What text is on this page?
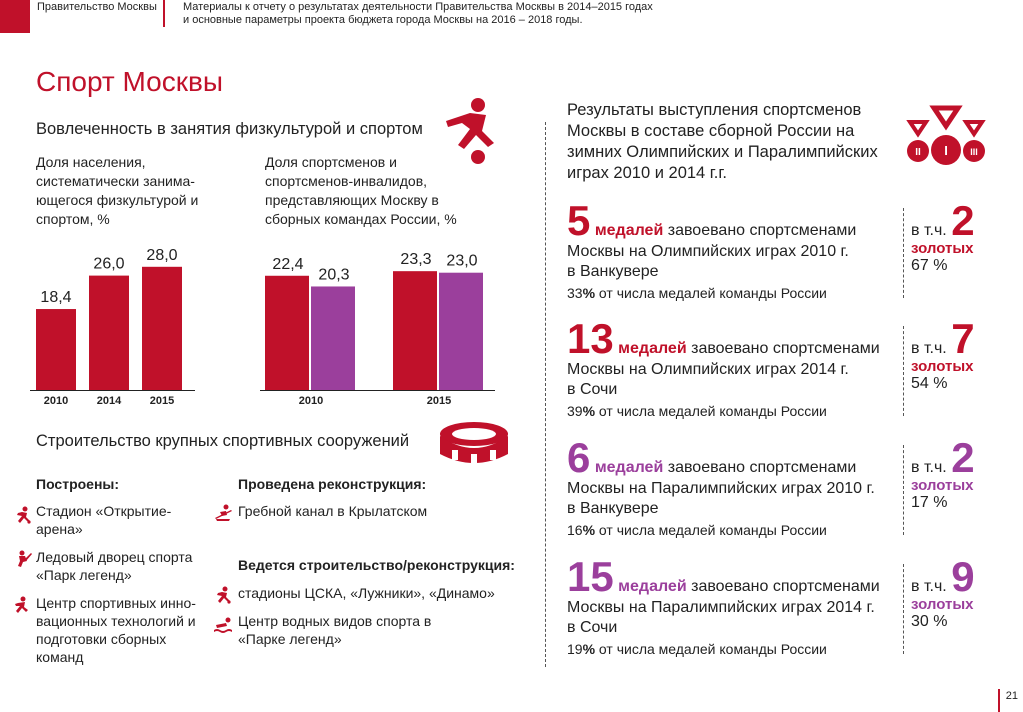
Правительство Москвы Материалы к отчету о результатах деятельности Правительства Москвы в 2014–2015 годах
и основные параметры проекта бюджета города Москвы на 2016 – 2018 годы.
Спорт Москвы
Вовлеченность в занятия физкультурой и спортом
Доля населения, систематически занима-ющегося физкультурой и спортом, %
Доля спортсменов и спортсменов-инвалидов, представляющих Москву в сборных командах России, %
18,4
2010
26,0
2014
28,0
2015
22,4
20,3
2010
23,3 23,0
2015
Строительство крупных спортивных сооружений
Построены:
Стадион «Открытие-арена»
Ледовый дворец спорта «Парк легенд»
Центр спортивных инно-вационных технологий и подготовки сборных команд
Проведена реконструкция:
Гребной канал в Крылатском
Ведется строительство/реконструкция:
стадионы ЦСКА, «Лужники», «Динамо»
Центр водных видов спорта в «Парке легенд»
Результаты выступления спортсменов Москвы в составе сборной России на зимних Олимпийских и Паралимпийских играх 2010 и 2014 г.г.
II I III
5 медалей завоевано спортсменами
Москвы на Олимпийских играх 2010 г.
в Ванкувере
33% от числа медалей команды России
в т.ч. 2
золотых
67 %
13 медалей завоевано спортсменами
Москвы на Олимпийских играх 2014 г.
в Сочи
39% от числа медалей команды России
в т.ч. 7
золотых
54 %
6 медалей завоевано спортсменами
Москвы на Паралимпийских играх 2010 г.
в Ванкувере
16% от числа медалей команды России
в т.ч. 2
золотых
17 %
15 медалей завоевано спортсменами
Москвы на Паралимпийских играх 2014 г.
в Сочи
19% от числа медалей команды России
в т.ч. 9
золотых
30 %
21
